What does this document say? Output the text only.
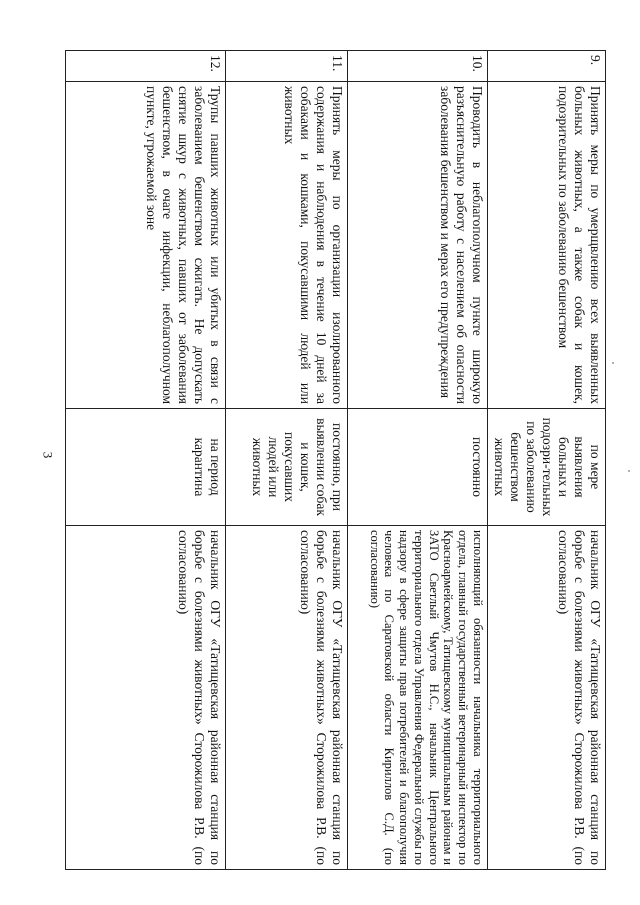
3
9.	Принять меры по умерщвлению всех выявленных больных животных, а также собак и кошек, подозрительных по заболеванию бешенством	по мере выявления больных и подозри-тельных по заболеванию бешенством животных	начальник ОГУ «Татищевская районная станция по борьбе с болезнями животных» Сторожилова Р.В. (по согласованию)
10.	Проводить в неблагополучном пункте широкую разъяснительную работу с населением об опасности заболевания бешенством и мерах его предупреждения	постоянно	исполняющий обязанности начальника территориального отдела, главный государственный ветеринарный инспектор по Красноармейскому, Татищевскому муниципальным районам и ЗАТО Светлый Чмутов Н.С., начальник Центрального территориального отдела Управления Федеральной службы по надзору в сфере защиты прав потребителей и благополучия человека по Саратовской области Кириллов С.Д. (по согласованию)
11.	Принять меры по организации изолированного содержания и наблюдения в течение 10 дней за собаками и кошками, покусавшими людей или животных	постоянно, при выявлении собак и кошек, покусавших людей или животных	начальник ОГУ «Татищевская районная станция по борьбе с болезнями животных» Сторожилова Р.В. (по согласованию)
12.	Трупы павших животных или убитых в связи с заболеванием бешенством сжигать. Не допускать снятие шкур с животных, павших от заболевания бешенством, в очаге инфекции, неблагополучном пункте, угрожаемой зоне	на период карантина	начальник ОГУ «Татищевская районная станция по борьбе с болезнями животных» Сторожилова Р.В. (по согласованию)
